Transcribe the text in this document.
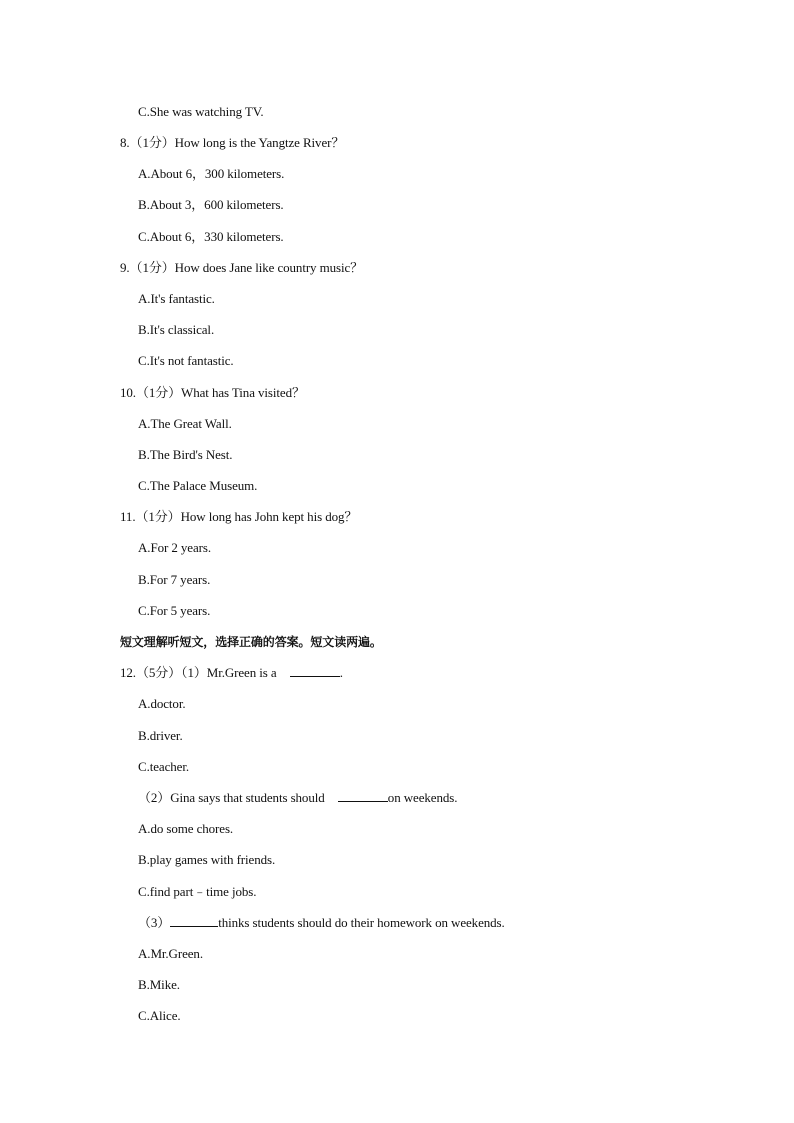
C.She was watching TV.
8.（1分）How long is the Yangtze River？
A.About 6，300 kilometers.
B.About 3，600 kilometers.
C.About 6，330 kilometers.
9.（1分）How does Jane like country music？
A.It's fantastic.
B.It's classical.
C.It's not fantastic.
10.（1分）What has Tina visited？
A.The Great Wall.
B.The Bird's Nest.
C.The Palace Museum.
11.（1分）How long has John kept his dog？
A.For 2 years.
B.For 7 years.
C.For 5 years.
短文理解听短文，选择正确的答案。短文读两遍。
12.（5分）（1）Mr.Green is a	.
A.doctor.
B.driver.
C.teacher.
（2）Gina says that students should	on weekends.
A.do some chores.
B.play games with friends.
C.find part﹣time jobs.
（3）	thinks students should do their homework on weekends.
A.Mr.Green.
B.Mike.
C.Alice.
